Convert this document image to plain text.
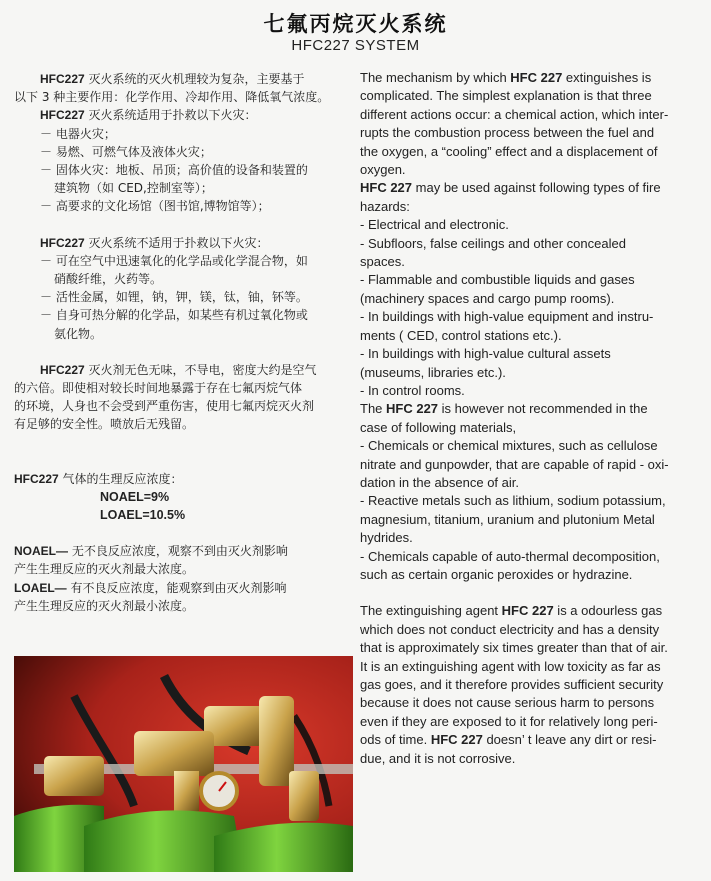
七氟丙烷灭火系统
HFC227 SYSTEM

HFC227 灭火系统的灭火机理较为复杂，主要基于

以下 3 种主要作用：化学作用、冷却作用、降低氧气浓度。

HFC227 灭火系统适用于扑救以下火灾：

－ 电器火灾；

－ 易燃、可燃气体及液体火灾；

－ 固体火灾：地板、吊顶；高价值的设备和装置的

建筑物（如 CED,控制室等）；

－ 高要求的文化场馆（图书馆,博物馆等）；

HFC227 灭火系统不适用于扑救以下火灾：

－ 可在空气中迅速氧化的化学品或化学混合物，如

硝酸纤维，火药等。

－ 活性金属，如锂，钠，钾，镁，钛，铀，钚等。

－ 自身可热分解的化学品，如某些有机过氧化物或

氨化物。

HFC227 灭火剂无色无味，不导电，密度大约是空气

的六倍。即使相对较长时间地暴露于存在七氟丙烷气体

的环境，人身也不会受到严重伤害，使用七氟丙烷灭火剂

有足够的安全性。喷放后无残留。

HFC227 气体的生理反应浓度：

NOAEL=9%

LOAEL=10.5%

NOAEL— 无不良反应浓度，观察不到由灭火剂影响

产生生理反应的灭火剂最大浓度。

LOAEL— 有不良反应浓度，能观察到由灭火剂影响

产生生理反应的灭火剂最小浓度。

The mechanism by which HFC 227 extinguishes is

complicated. The simplest explanation is that three

different actions occur: a chemical action, which inter-

rupts the combustion process between the fuel and

the oxygen, a “cooling” effect and a displacement of

oxygen.

HFC 227 may be used against following types of fire

hazards:

- Electrical and electronic.

- Subfloors, false ceilings and other concealed

spaces.

- Flammable and combustible liquids and gases

(machinery spaces and cargo pump rooms).

- In buildings with high-value equipment and instru-

ments ( CED, control stations etc.).

- In buildings with high-value cultural assets

(museums, libraries etc.).

- In control rooms.

The HFC 227 is however not recommended in the

case of following materials,

- Chemicals or chemical mixtures, such as cellulose

nitrate and gunpowder, that are capable of rapid - oxi-

dation in the absence of air.

- Reactive metals such as lithium, sodium potassium,

magnesium, titanium, uranium and plutonium Metal

hydrides.

- Chemicals capable of auto-thermal decomposition,

such as certain organic peroxides or hydrazine.

The extinguishing agent HFC 227 is a odourless gas

which does not conduct electricity and has a density

that is approximately six times greater than that of air.

It is an extinguishing agent with low toxicity as far as

gas goes, and it therefore provides sufficient security

because it does not cause serious harm to persons

even if they are exposed to it for relatively long peri-

ods of time. HFC 227 doesn’ t leave any dirt or resi-

due, and it is not corrosive.
